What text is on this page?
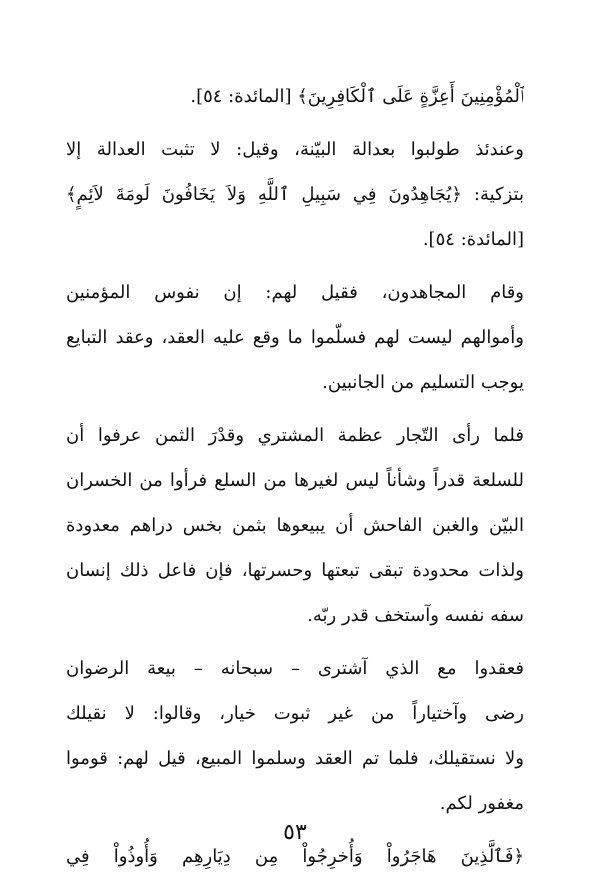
ﭐلْمُؤْمِنِينَ أَعِزَّةٍ عَلَى ٱلْكَافِرِينَ﴾ [المائدة: ٥٤].
وعندئذ طولبوا بعدالة البيّنة، وقيل: لا تثبت العدالة إلا
بتزكية: ﴿يُجَاهِدُونَ فِي سَبِيلِ ٱللَّهِ وَلاَ يَخَافُونَ لَومَةَ لاَئِمٍ﴾
[المائدة: ٥٤].
وقام المجاهدون، فقيل لهم: إن نفوس المؤمنين
وأموالهم ليست لهم فسلّموا ما وقع عليه العقد، وعقد التبايع
يوجب التسليم من الجانبين.
فلما رأى التّجار عظمة المشتري وقدْرَ الثمن عرفوا أن
للسلعة قدراً وشأناً ليس لغيرها من السلع فرأوا من الخسران
البيّن والغبن الفاحش أن يبيعوها بثمن بخس دراهم معدودة
ولذات محدودة تبقى تبعتها وحسرتها، فإن فاعل ذلك إنسان
سفه نفسه وآستخف قدر ربّه.
فعقدوا مع الذي آشترى – سبحانه – بيعة الرضوان
رضى وآختياراً من غير ثبوت خيار، وقالوا: لا نقيلك
ولا نستقيلك، فلما تم العقد وسلموا المبيع، قيل لهم: قوموا
مغفور لكم.
﴿فَٱلَّذِينَ هَاجَرُواْ وَأُخرِجُواْ مِن دِيَارِهِم وَأُوذُواْ فِي
٥٣
